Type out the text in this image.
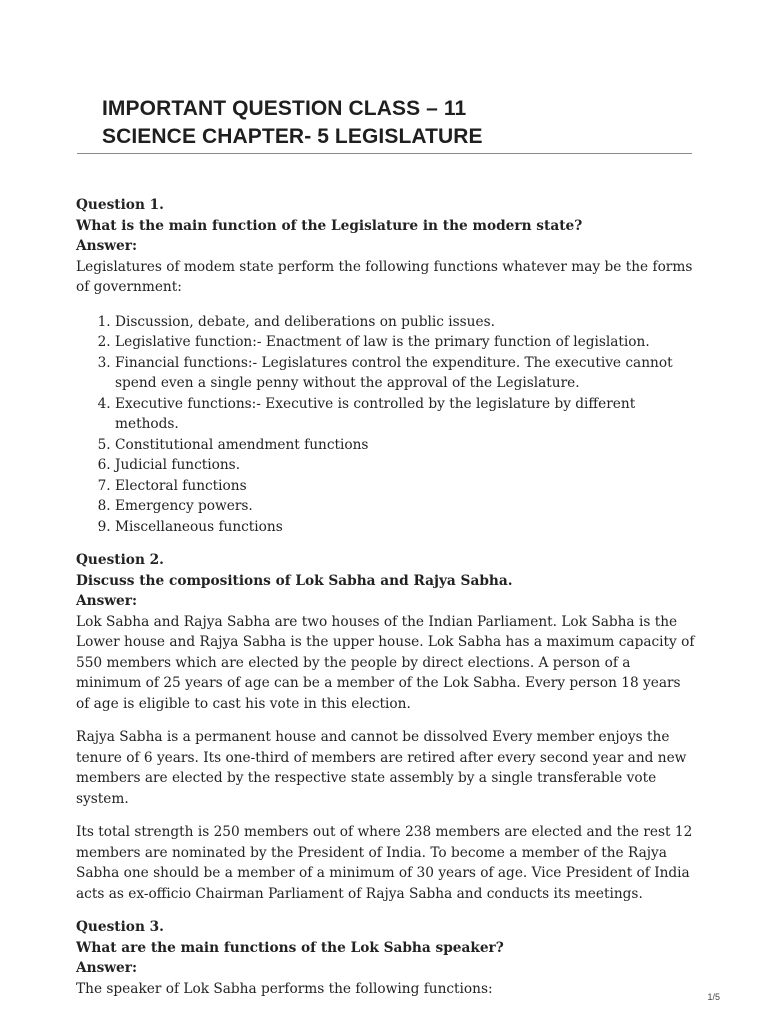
IMPORTANT QUESTION CLASS – 11
SCIENCE CHAPTER- 5 LEGISLATURE
Question 1.
What is the main function of the Legislature in the modern state?
Answer:

Legislatures of modem state perform the following functions whatever may be the forms of government:

1. Discussion, debate, and deliberations on public issues.
2. Legislative function:- Enactment of law is the primary function of legislation.
3. Financial functions:- Legislatures control the expenditure. The executive cannot spend even a single penny without the approval of the Legislature.
4. Executive functions:- Executive is controlled by the legislature by different methods.
5. Constitutional amendment functions
6. Judicial functions.
7. Electoral functions
8. Emergency powers.
9. Miscellaneous functions
Question 2.
Discuss the compositions of Lok Sabha and Rajya Sabha.
Answer:

Lok Sabha and Rajya Sabha are two houses of the Indian Parliament. Lok Sabha is the Lower house and Rajya Sabha is the upper house. Lok Sabha has a maximum capacity of 550 members which are elected by the people by direct elections. A person of a minimum of 25 years of age can be a member of the Lok Sabha. Every person 18 years of age is eligible to cast his vote in this election.

Rajya Sabha is a permanent house and cannot be dissolved Every member enjoys the tenure of 6 years. Its one-third of members are retired after every second year and new members are elected by the respective state assembly by a single transferable vote system.

Its total strength is 250 members out of where 238 members are elected and the rest 12 members are nominated by the President of India. To become a member of the Rajya Sabha one should be a member of a minimum of 30 years of age. Vice President of India acts as ex-officio Chairman Parliament of Rajya Sabha and conducts its meetings.

Question 3.
What are the main functions of the Lok Sabha speaker?
Answer:

The speaker of Lok Sabha performs the following functions:

1/5
